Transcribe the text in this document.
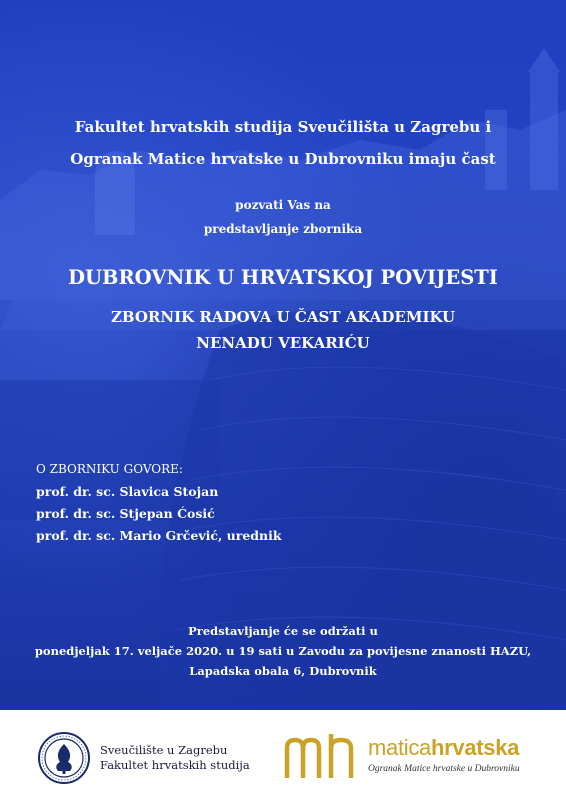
Fakultet hrvatskih studija Sveučilišta u Zagrebu i
Ogranak Matice hrvatske u Dubrovniku imaju čast
pozvati Vas na
predstavljanje zbornika
DUBROVNIK U HRVATSKOJ POVIJESTI
ZBORNIK RADOVA U ČAST AKADEMIKU
NENADU VEKARIĆU
O ZBORNIKU GOVORE:
prof. dr. sc. Slavica Stojan
prof. dr. sc. Stjepan Ćosić
prof. dr. sc. Mario Grčević, urednik
Predstavljanje će se održati u
ponedjeljak 17. veljače 2020. u 19 sati u Zavodu za povijesne znanosti HAZU,
Lapadska obala 6, Dubrovnik
Sveučilište u Zagrebu
Fakultet hrvatskih studija
maticahrvatska
Ogranak Matice hrvatske u Dubrovniku
